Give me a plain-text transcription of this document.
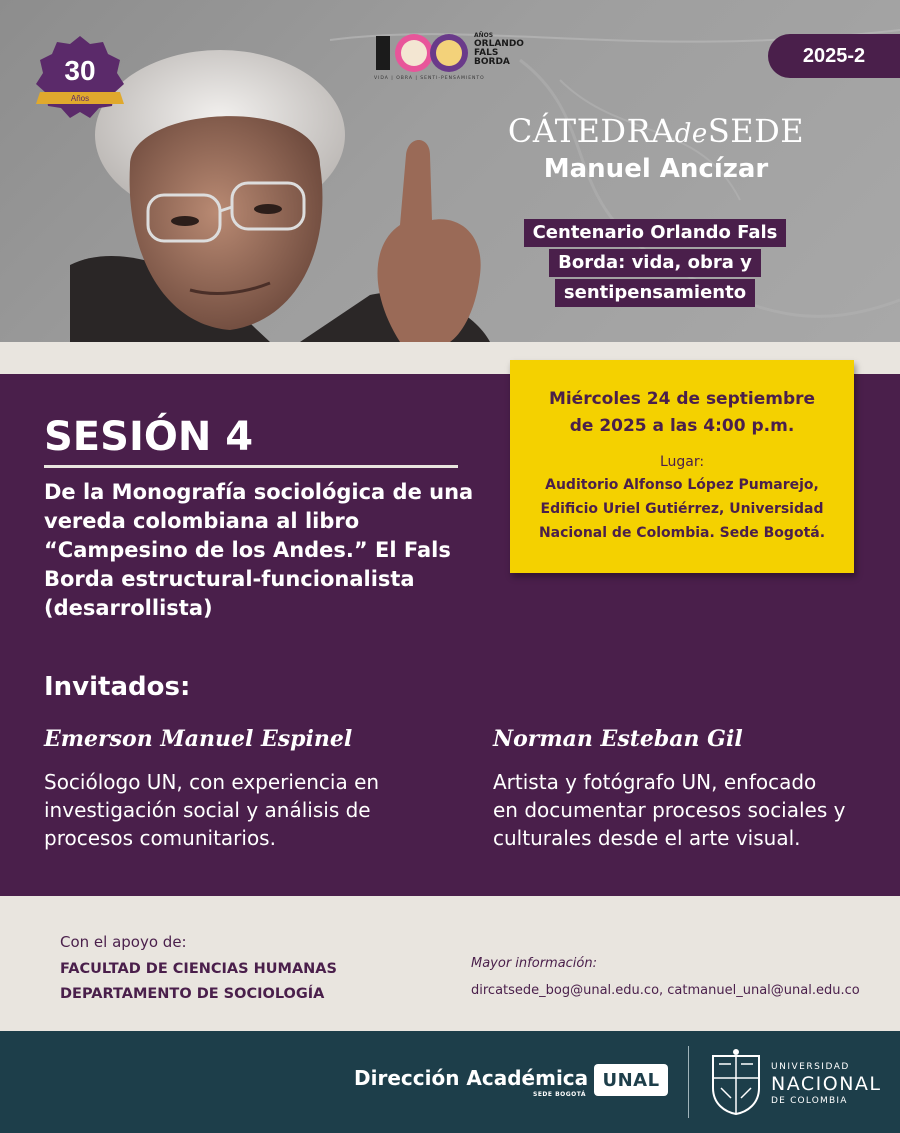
30
Años
AÑOS
ORLANDO
FALS
BORDA
VIDA | OBRA | SENTI-PENSAMIENTO
2025-2
CÁTEDRAdeSEDE
Manuel Ancízar
Centenario Orlando Fals
Borda: vida, obra y
sentipensamiento
SESIÓN 4
De la Monografía sociológica de una
vereda colombiana al libro
“Campesino de los Andes.” El Fals
Borda estructural-funcionalista
(desarrollista)
Miércoles 24 de septiembre
de 2025 a las 4:00 p.m.
Lugar:
Auditorio Alfonso López Pumarejo,
Edificio Uriel Gutiérrez, Universidad
Nacional de Colombia. Sede Bogotá.
Invitados:
Emerson Manuel Espinel
Sociólogo UN, con experiencia en
investigación social y análisis de
procesos comunitarios.
Norman Esteban Gil
Artista y fotógrafo UN, enfocado
en documentar procesos sociales y
culturales desde el arte visual.
Con el apoyo de:
FACULTAD DE CIENCIAS HUMANAS
DEPARTAMENTO DE SOCIOLOGÍA
Mayor información:
dircatsede_bog@unal.edu.co, catmanuel_unal@unal.edu.co
Dirección Académica UNAL
SEDE BOGOTÁ
UNIVERSIDAD
NACIONAL
DE COLOMBIA
